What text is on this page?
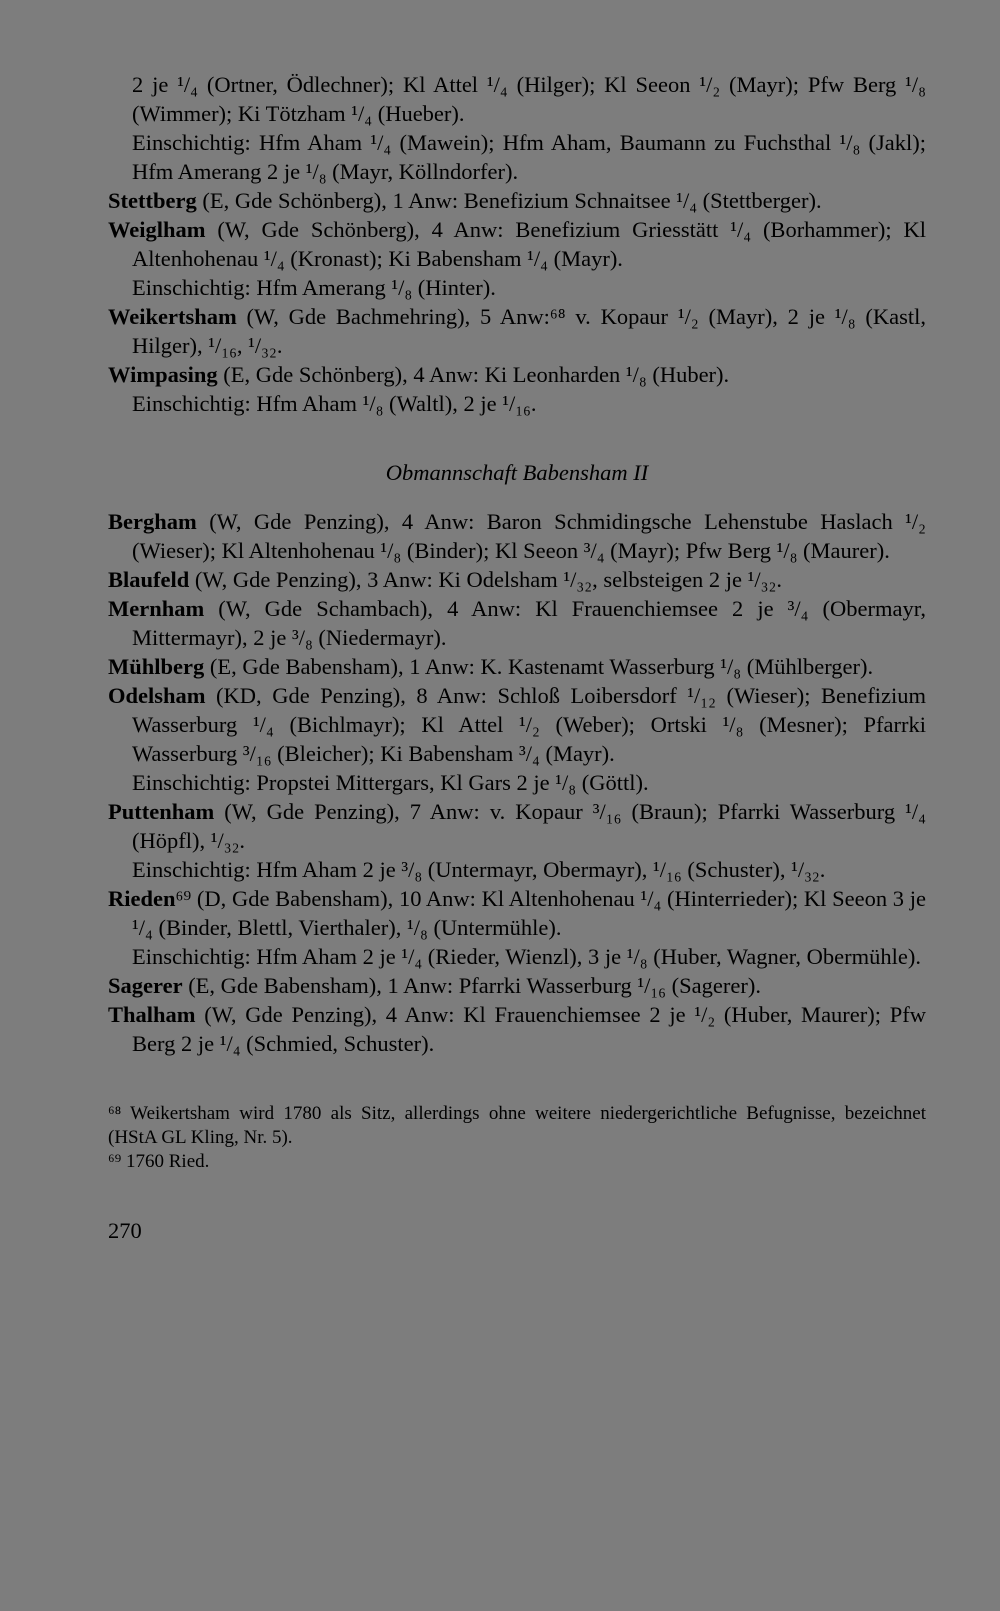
2 je ¹/₄ (Ortner, Ödlechner); Kl Attel ¹/₄ (Hilger); Kl Seeon ¹/₂ (Mayr); Pfw Berg ¹/₈ (Wimmer); Ki Tötzham ¹/₄ (Hueber).
Einschichtig: Hfm Aham ¹/₄ (Mawein); Hfm Aham, Baumann zu Fuchsthal ¹/₈ (Jakl); Hfm Amerang 2 je ¹/₈ (Mayr, Köllndorfer).

Stettberg (E, Gde Schönberg), 1 Anw: Benefizium Schnaitsee ¹/₄ (Stettberger).

Weiglham (W, Gde Schönberg), 4 Anw: Benefizium Griesstätt ¹/₄ (Borhammer); Kl Altenhohenau ¹/₄ (Kronast); Ki Babensham ¹/₄ (Mayr).
Einschichtig: Hfm Amerang ¹/₈ (Hinter).

Weikertsham (W, Gde Bachmehring), 5 Anw:⁶⁸ v. Kopaur ¹/₂ (Mayr), 2 je ¹/₈ (Kastl, Hilger), ¹/₁₆, ¹/₃₂.

Wimpasing (E, Gde Schönberg), 4 Anw: Ki Leonharden ¹/₈ (Huber).
Einschichtig: Hfm Aham ¹/₈ (Waltl), 2 je ¹/₁₆.

Obmannschaft Babensham II

Bergham (W, Gde Penzing), 4 Anw: Baron Schmidingsche Lehenstube Haslach ¹/₂ (Wieser); Kl Altenhohenau ¹/₈ (Binder); Kl Seeon ³/₄ (Mayr); Pfw Berg ¹/₈ (Maurer).

Blaufeld (W, Gde Penzing), 3 Anw: Ki Odelsham ¹/₃₂, selbsteigen 2 je ¹/₃₂.

Mernham (W, Gde Schambach), 4 Anw: Kl Frauenchiemsee 2 je ³/₄ (Obermayr, Mittermayr), 2 je ³/₈ (Niedermayr).

Mühlberg (E, Gde Babensham), 1 Anw: K. Kastenamt Wasserburg ¹/₈ (Mühlberger).

Odelsham (KD, Gde Penzing), 8 Anw: Schloß Loibersdorf ¹/₁₂ (Wieser); Benefizium Wasserburg ¹/₄ (Bichlmayr); Kl Attel ¹/₂ (Weber); Ortski ¹/₈ (Mesner); Pfarrki Wasserburg ³/₁₆ (Bleicher); Ki Babensham ³/₄ (Mayr).
Einschichtig: Propstei Mittergars, Kl Gars 2 je ¹/₈ (Göttl).

Puttenham (W, Gde Penzing), 7 Anw: v. Kopaur ³/₁₆ (Braun); Pfarrki Wasserburg ¹/₄ (Höpfl), ¹/₃₂.
Einschichtig: Hfm Aham 2 je ³/₈ (Untermayr, Obermayr), ¹/₁₆ (Schuster), ¹/₃₂.

Rieden⁶⁹ (D, Gde Babensham), 10 Anw: Kl Altenhohenau ¹/₄ (Hinterrieder); Kl Seeon 3 je ¹/₄ (Binder, Blettl, Vierthaler), ¹/₈ (Untermühle).
Einschichtig: Hfm Aham 2 je ¹/₄ (Rieder, Wienzl), 3 je ¹/₈ (Huber, Wagner, Obermühle).

Sagerer (E, Gde Babensham), 1 Anw: Pfarrki Wasserburg ¹/₁₆ (Sagerer).

Thalham (W, Gde Penzing), 4 Anw: Kl Frauenchiemsee 2 je ¹/₂ (Huber, Maurer); Pfw Berg 2 je ¹/₄ (Schmied, Schuster).

⁶⁸ Weikertsham wird 1780 als Sitz, allerdings ohne weitere niedergerichtliche Befugnisse, bezeichnet (HStA GL Kling, Nr. 5).

⁶⁹ 1760 Ried.

270
